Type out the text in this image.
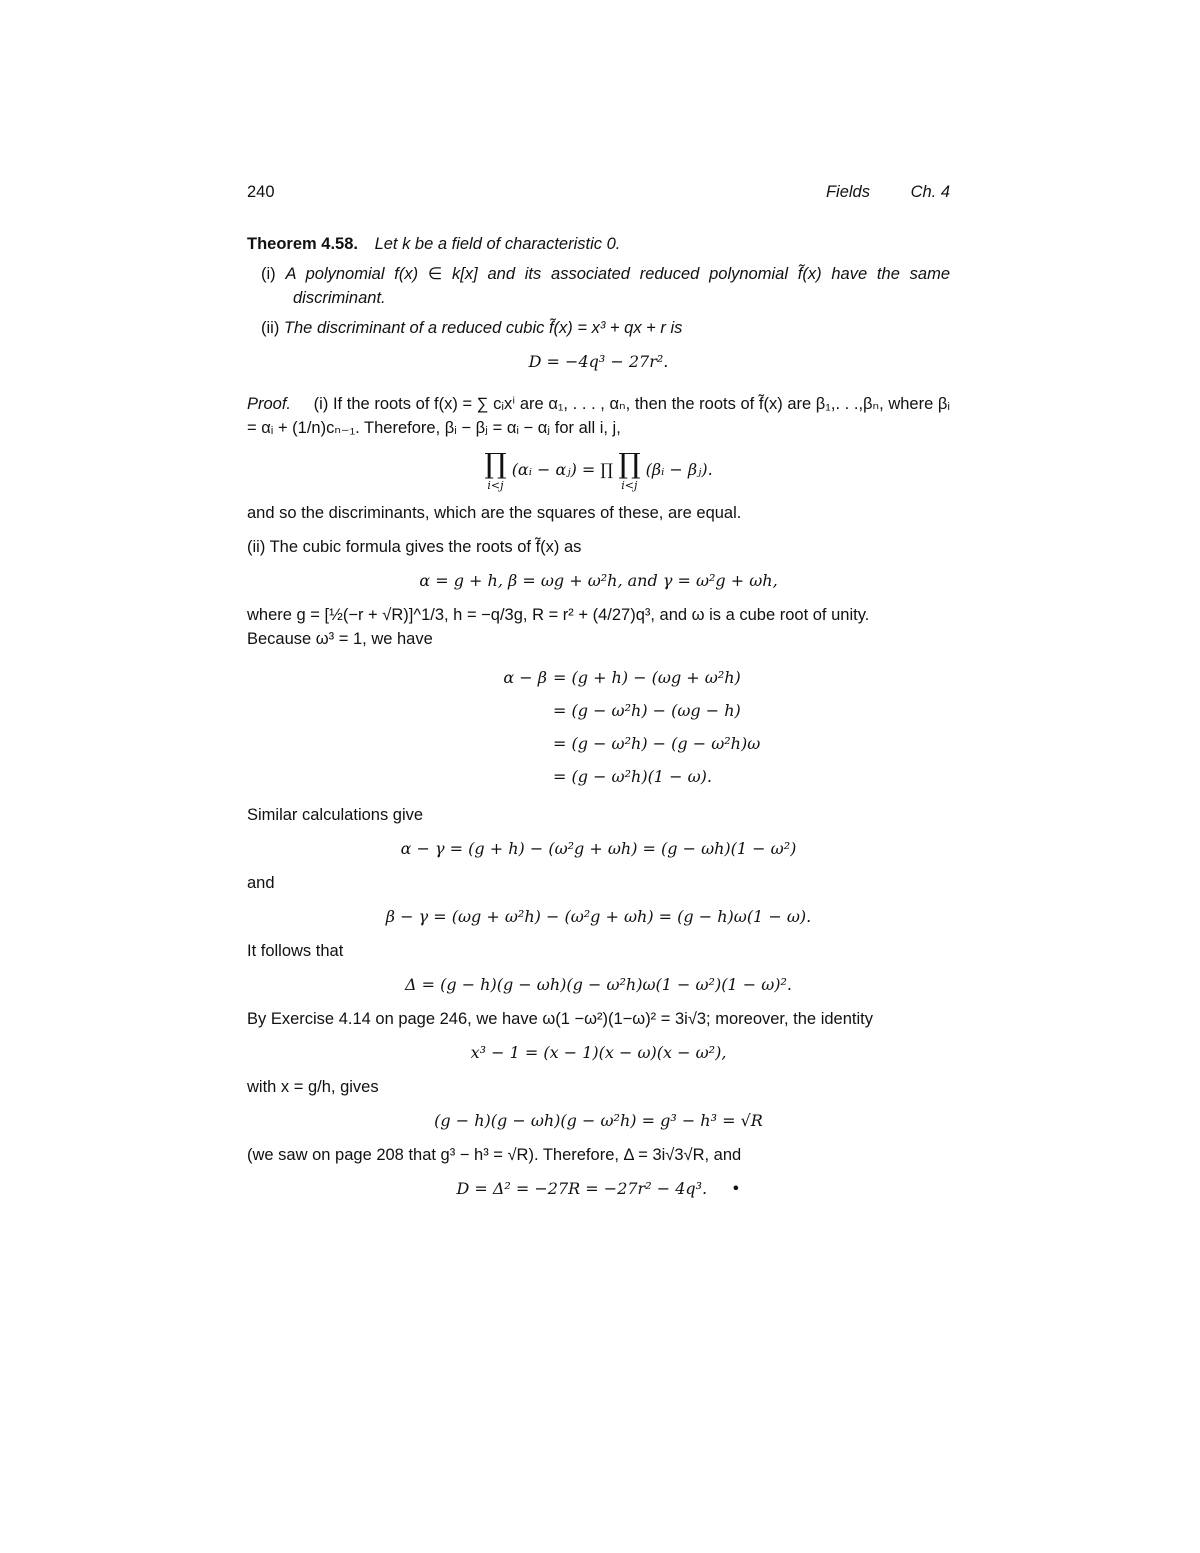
240	Fields Ch. 4
Theorem 4.58. Let k be a field of characteristic 0.
(i) A polynomial f(x) ∈ k[x] and its associated reduced polynomial f̃(x) have the same discriminant.
(ii) The discriminant of a reduced cubic f̃(x) = x³ + qx + r is
D = −4q³ − 27r².
Proof. (i) If the roots of f(x) = ∑ cᵢxⁱ are α₁, . . . , αₙ, then the roots of f̃(x) are β₁,. . .,βₙ, where βᵢ = αᵢ + (1/n)cₙ₋₁. Therefore, βᵢ − βⱼ = αᵢ − αⱼ for all i, j,
∏
i<j
(αᵢ − αⱼ) = ∏ ∏
i<j
(βᵢ − βⱼ).
and so the discriminants, which are the squares of these, are equal.
(ii) The cubic formula gives the roots of f̃(x) as
α = g + h, β = ωg + ω²h, and γ = ω²g + ωh,
where g = [½(−r + √R)]^1/3, h = −q/3g, R = r² + (4/27)q³, and ω is a cube root of unity.
Because ω³ = 1, we have
α − β = (g + h) − (ωg + ω²h)
= (g − ω²h) − (ωg − h)
= (g − ω²h) − (g − ω²h)ω
= (g − ω²h)(1 − ω).
Similar calculations give
α − γ = (g + h) − (ω²g + ωh) = (g − ωh)(1 − ω²)
and
β − γ = (ωg + ω²h) − (ω²g + ωh) = (g − h)ω(1 − ω).
It follows that
Δ = (g − h)(g − ωh)(g − ω²h)ω(1 − ω²)(1 − ω)².
By Exercise 4.14 on page 246, we have ω(1 −ω²)(1−ω)² = 3i√3; moreover, the identity
x³ − 1 = (x − 1)(x − ω)(x − ω²),
with x = g/h, gives
(g − h)(g − ωh)(g − ω²h) = g³ − h³ = √R
(we saw on page 208 that g³ − h³ = √R). Therefore, Δ = 3i√3√R, and
D = Δ² = −27R = −27r² − 4q³. •
